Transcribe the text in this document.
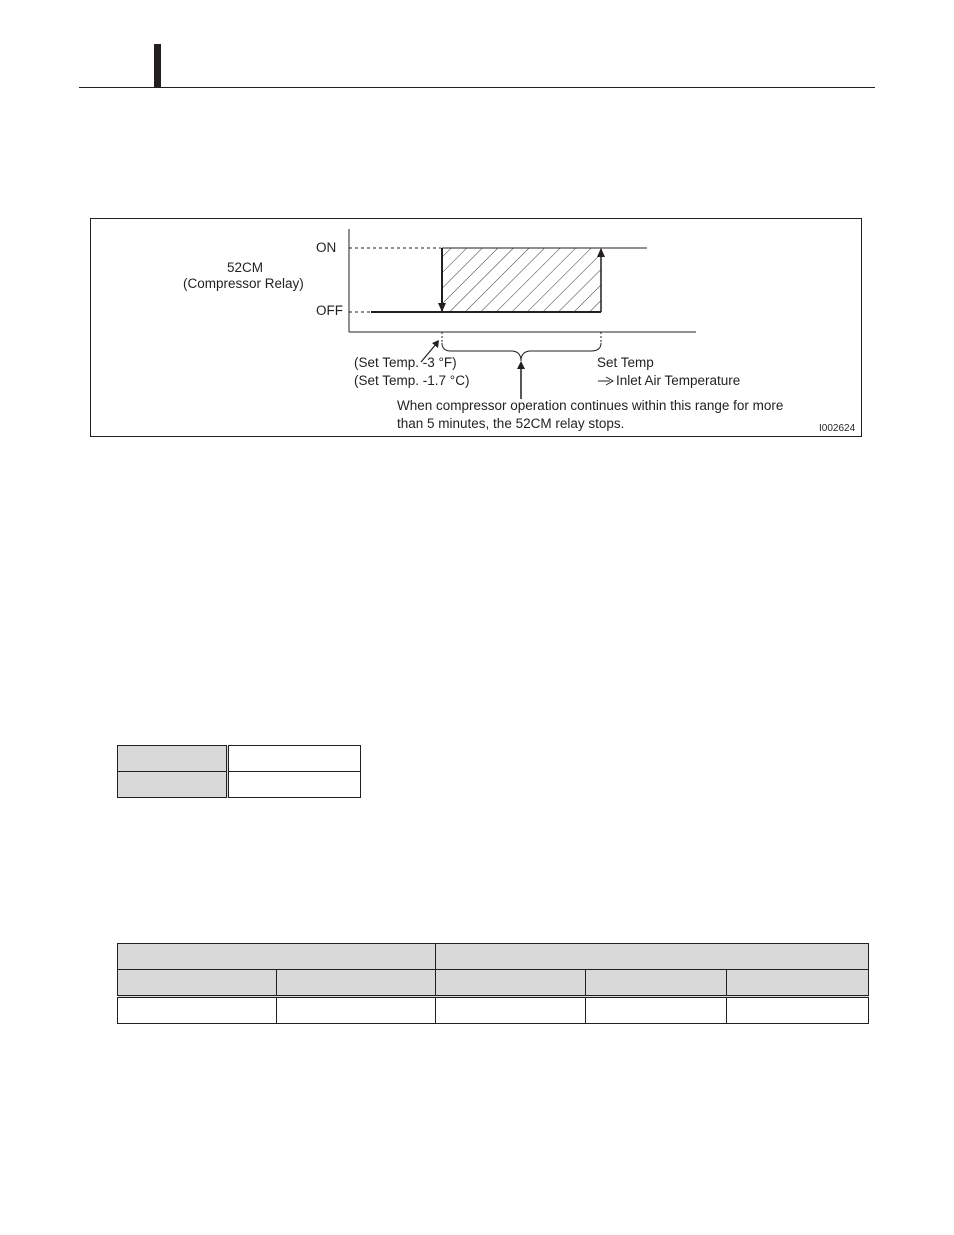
52CM
(Compressor Relay)
ON
OFF
(Set Temp. -3 °F)
(Set Temp. -1.7 °C)
Set Temp
Inlet Air Temperature
When compressor operation continues within this range for more
than 5 minutes, the 52CM relay stops.	I002624
